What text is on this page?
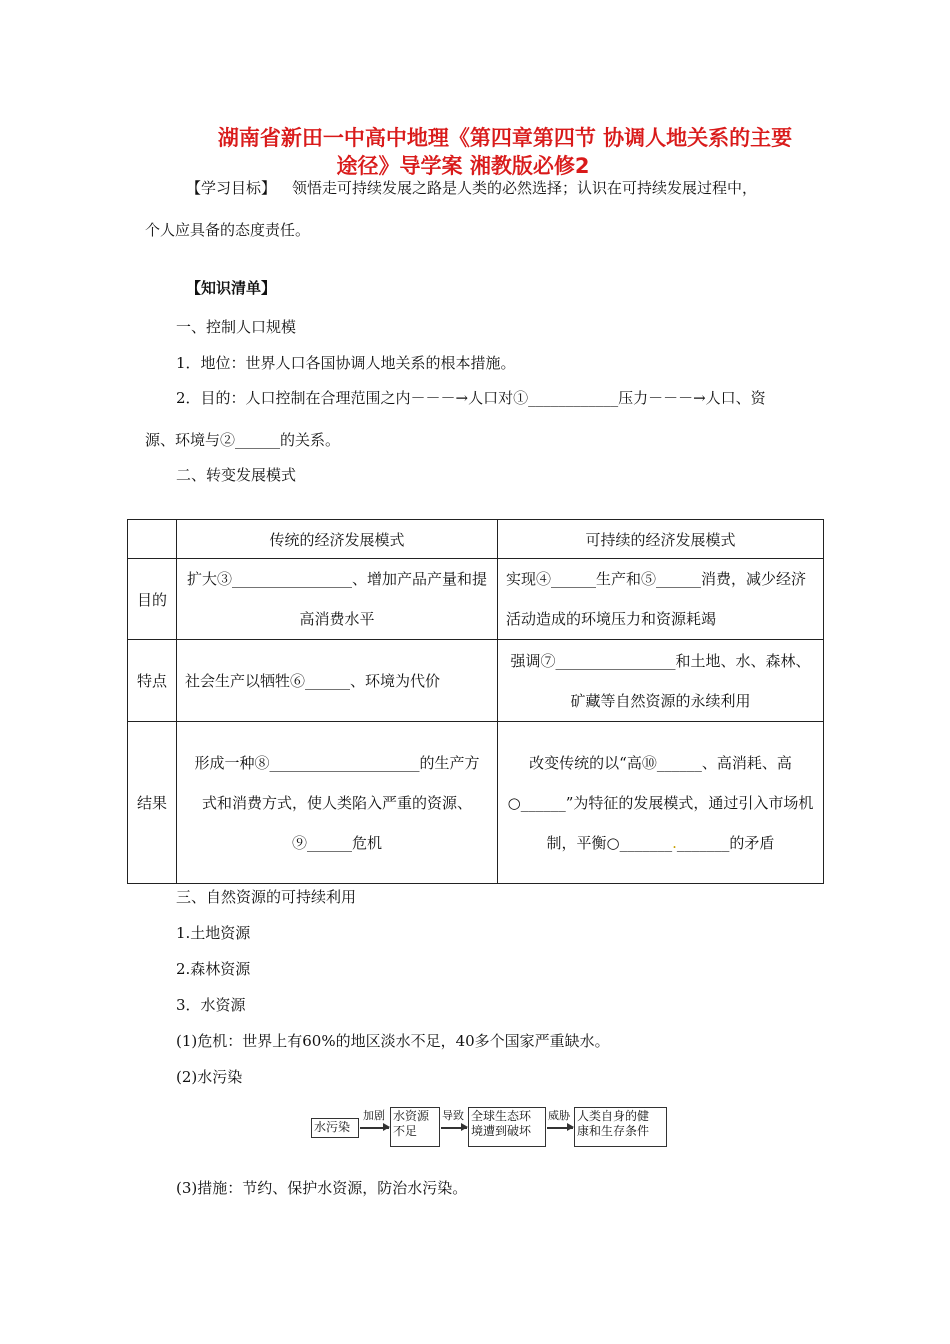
湖南省新田一中高中地理《第四章第四节 协调人地关系的主要
途径》导学案 湘教版必修2
【学习目标】 领悟走可持续发展之路是人类的必然选择；认识在可持续发展过程中，
个人应具备的态度责任。
【知识清单】
一、控制人口规模
1．地位：世界人口各国协调人地关系的根本措施。
2．目的：人口控制在合理范围之内－－－→人口对①____________压力－－－→人口、资
源、环境与②______的关系。
二、转变发展模式
	传统的经济发展模式	可持续的经济发展模式
目的	扩大③________________、增加产品产量和提高消费水平	实现④______生产和⑤______消费，减少经济活动造成的环境压力和资源耗竭
特点	社会生产以牺牲⑥______、环境为代价	强调⑦________________和土地、水、森林、矿藏等自然资源的永续利用
结果	形成一种⑧____________________的生产方式和消费方式，使人类陷入严重的资源、⑨______危机	改变传统的以“高⑩______、高消耗、高○______”为特征的发展模式，通过引入市场机制，平衡○_______._______的矛盾
三、自然资源的可持续利用
1.土地资源
2.森林资源
3．水资源
(1)危机：世界上有60%的地区淡水不足，40多个国家严重缺水。
(2)水污染
水污染
加剧 水资源
不足
导致 全球生态环
境遭到破坏
威胁 人类自身的健
康和生存条件
(3)措施：节约、保护水资源，防治水污染。
